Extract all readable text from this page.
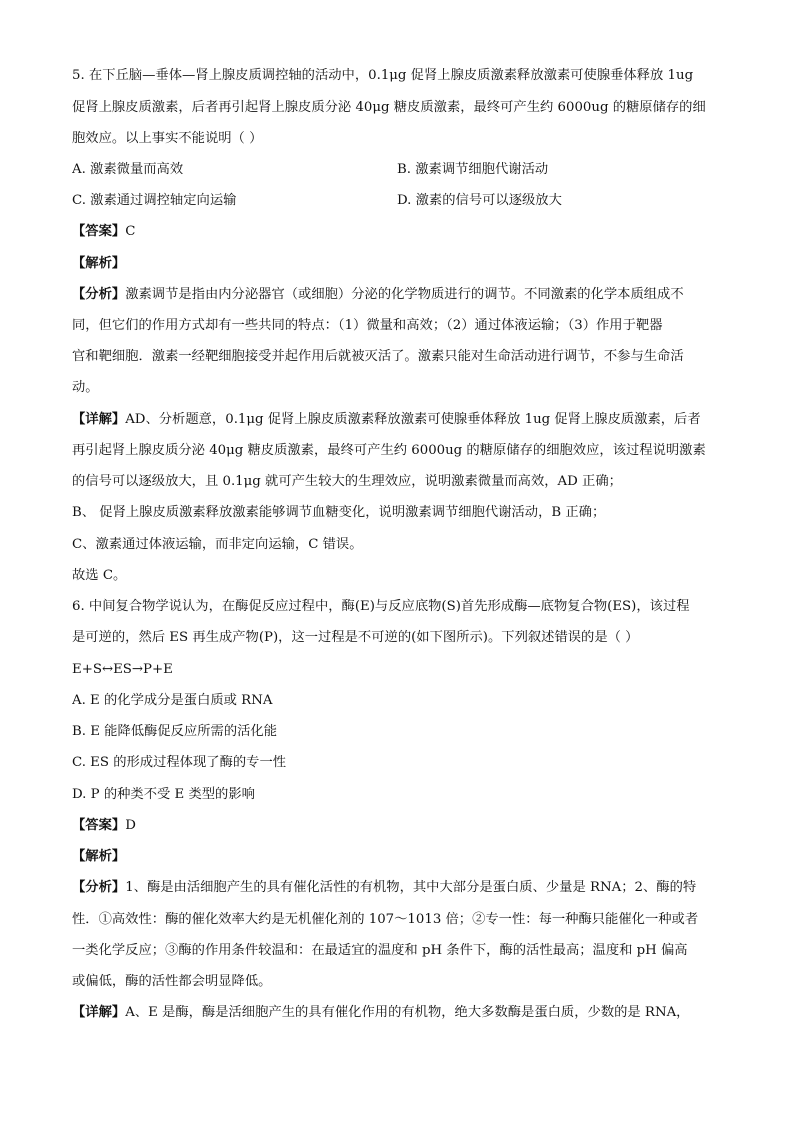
5. 在下丘脑—垂体—肾上腺皮质调控轴的活动中，0.1μg 促肾上腺皮质激素释放激素可使腺垂体释放 1ug
促肾上腺皮质激素，后者再引起肾上腺皮质分泌 40μg 糖皮质激素，最终可产生约 6000ug 的糖原储存的细
胞效应。以上事实不能说明（ ）
A. 激素微量而高效	B. 激素调节细胞代谢活动
C. 激素通过调控轴定向运输	D. 激素的信号可以逐级放大
【答案】C
【解析】
【分析】激素调节是指由内分泌器官（或细胞）分泌的化学物质进行的调节。不同激素的化学本质组成不
同，但它们的作用方式却有一些共同的特点：（1）微量和高效；（2）通过体液运输；（3）作用于靶器
官和靶细胞．激素一经靶细胞接受并起作用后就被灭活了。激素只能对生命活动进行调节，不参与生命活
动。
【详解】AD、分析题意，0.1μg 促肾上腺皮质激素释放激素可使腺垂体释放 1ug 促肾上腺皮质激素，后者
再引起肾上腺皮质分泌 40μg 糖皮质激素，最终可产生约 6000ug 的糖原储存的细胞效应，该过程说明激素
的信号可以逐级放大，且 0.1μg 就可产生较大的生理效应，说明激素微量而高效，AD 正确；
B、 促肾上腺皮质激素释放激素能够调节血糖变化，说明激素调节细胞代谢活动，B 正确；
C、激素通过体液运输，而非定向运输，C 错误。
故选 C。
6. 中间复合物学说认为，在酶促反应过程中，酶(E)与反应底物(S)首先形成酶—底物复合物(ES)，该过程
是可逆的，然后 ES 再生成产物(P)，这一过程是不可逆的(如下图所示)。下列叙述错误的是（ ）
E+S↔ES→P+E
A. E 的化学成分是蛋白质或 RNA
B. E 能降低酶促反应所需的活化能
C. ES 的形成过程体现了酶的专一性
D. P 的种类不受 E 类型的影响
【答案】D
【解析】
【分析】1、酶是由活细胞产生的具有催化活性的有机物，其中大部分是蛋白质、少量是 RNA；2、酶的特
性．①高效性：酶的催化效率大约是无机催化剂的 107～1013 倍；②专一性：每一种酶只能催化一种或者
一类化学反应；③酶的作用条件较温和：在最适宜的温度和 pH 条件下，酶的活性最高；温度和 pH 偏高
或偏低，酶的活性都会明显降低。
【详解】A、E 是酶，酶是活细胞产生的具有催化作用的有机物，绝大多数酶是蛋白质，少数的是 RNA，
